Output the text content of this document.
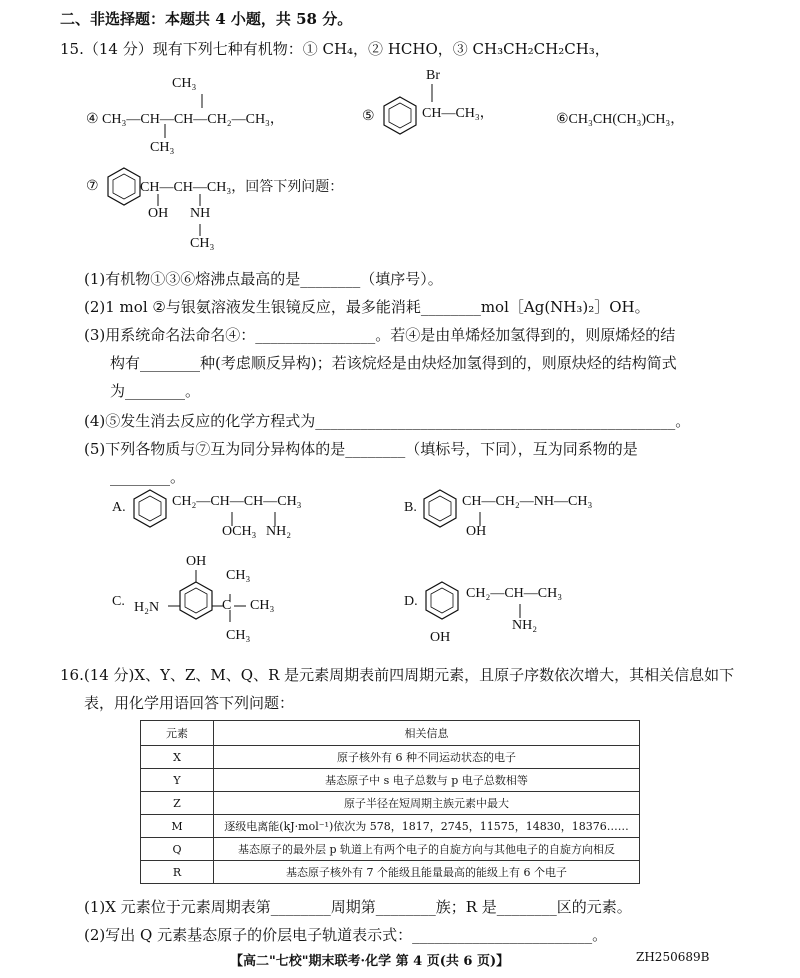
二、非选择题：本题共 4 小题，共 58 分。
15.（14 分）现有下列七种有机物：① CH₄，② HCHO，③ CH₃CH₂CH₂CH₃，
CH₃
④ CH₃—CH—CH—CH₂—CH₃，
CH₃
⑤
Br
CH—CH₃，	⑥CH₃CH(CH₃)CH₃，
⑦	CH—CH—CH₃，回答下列问题：
OH NH
CH₃
(1)有机物①③⑥熔沸点最高的是________（填序号）。
(2)1 mol ②与银氨溶液发生银镜反应，最多能消耗________mol［Ag(NH₃)₂］OH。
(3)用系统命名法命名④：________________。若④是由单烯烃加氢得到的，则原烯烃的结
构有________种(考虑顺反异构)；若该烷烃是由炔烃加氢得到的，则原炔烃的结构简式
为________。
(4)⑤发生消去反应的化学方程式为________________________________________________。
(5)下列各物质与⑦互为同分异构体的是________（填标号，下同），互为同系物的是
________。
A.	CH₂—CH—CH—CH₃
OCH₃ NH₂
B.	CH—CH₂—NH—CH₃
OH
C.
OH
H₂N
CH₃
C CH₃
CH₃
D.
CH₂—CH—CH₃
NH₂
OH
16.(14 分)X、Y、Z、M、Q、R 是元素周期表前四周期元素，且原子序数依次增大，其相关信息如下
表，用化学用语回答下列问题：
元素	相关信息
X	原子核外有 6 种不同运动状态的电子
Y	基态原子中 s 电子总数与 p 电子总数相等
Z	原子半径在短周期主族元素中最大
M	逐级电离能(kJ·mol⁻¹)依次为 578，1817，2745，11575，14830，18376……
Q	基态原子的最外层 p 轨道上有两个电子的自旋方向与其他电子的自旋方向相反
R	基态原子核外有 7 个能级且能量最高的能级上有 6 个电子
(1)X 元素位于元素周期表第________周期第________族；R 是________区的元素。
(2)写出 Q 元素基态原子的价层电子轨道表示式：________________________。
【高二"七校"期末联考·化学 第 4 页(共 6 页)】	ZH250689B
